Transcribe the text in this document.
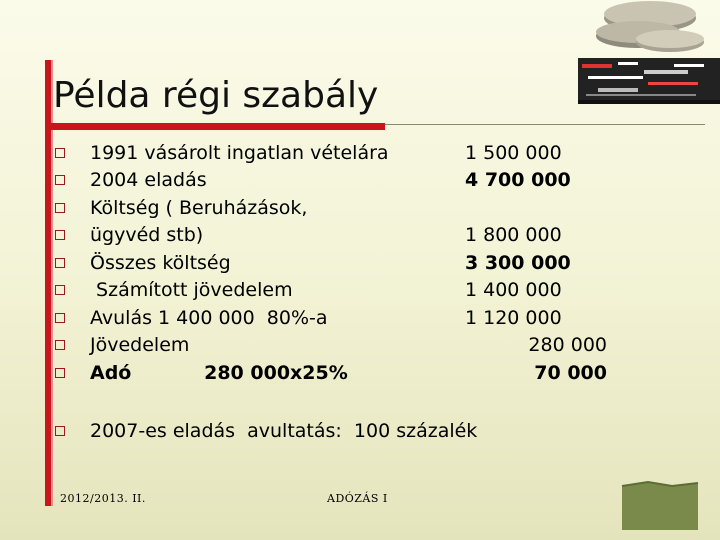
Példa régi szabály
1991 vásárolt ingatlan vételára	1 500 000
2004 eladás	4 700 000
Költség ( Beruházások,
ügyvéd stb)	1 800 000
Összes költség	3 300 000
Számított jövedelem	1 400 000
Avulás 1 400 000  80%-a	1 120 000
Jövedelem	280 000
Adó           280 000x25%	70 000
2007-es eladás  avultatás:  100 százalék
2012/2013. II.	ADÓZÁS I
